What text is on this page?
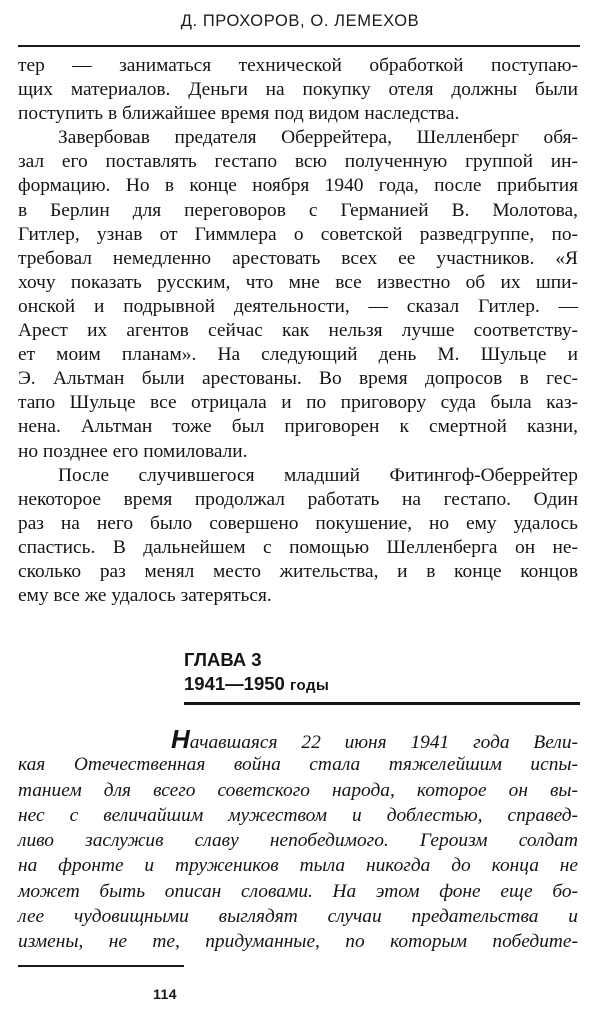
Д. ПРОХОРОВ, О. ЛЕМЕХОВ
тер — заниматься технической обработкой поступаю-
щих материалов. Деньги на покупку отеля должны были
поступить в ближайшее время под видом наследства.
Завербовав предателя Оберрейтера, Шелленберг обя-
зал его поставлять гестапо всю полученную группой ин-
формацию. Но в конце ноября 1940 года, после прибытия
в Берлин для переговоров с Германией В. Молотова,
Гитлер, узнав от Гиммлера о советской разведгруппе, по-
требовал немедленно арестовать всех ее участников. «Я
хочу показать русским, что мне все известно об их шпи-
онской и подрывной деятельности, — сказал Гитлер. —
Арест их агентов сейчас как нельзя лучше соответству-
ет моим планам». На следующий день М. Шульце и
Э. Альтман были арестованы. Во время допросов в гес-
тапо Шульце все отрицала и по приговору суда была каз-
нена. Альтман тоже был приговорен к смертной казни,
но позднее его помиловали.
После случившегося младший Фитингоф-Оберрейтер
некоторое время продолжал работать на гестапо. Один
раз на него было совершено покушение, но ему удалось
спастись. В дальнейшем с помощью Шелленберга он не-
сколько раз менял место жительства, и в конце концов
ему все же удалось затеряться.
ГЛАВА 3
1941—1950 годы
Начавшаяся 22 июня 1941 года Вели-
кая Отечественная война стала тяжелейшим испы-
танием для всего советского народа, которое он вы-
нес с величайшим мужеством и доблестью, справед-
ливо заслужив славу непобедимого. Героизм солдат
на фронте и тружеников тыла никогда до конца не
может быть описан словами. На этом фоне еще бо-
лее чудовищными выглядят случаи предательства и
измены, не те, придуманные, по которым победите-
114
